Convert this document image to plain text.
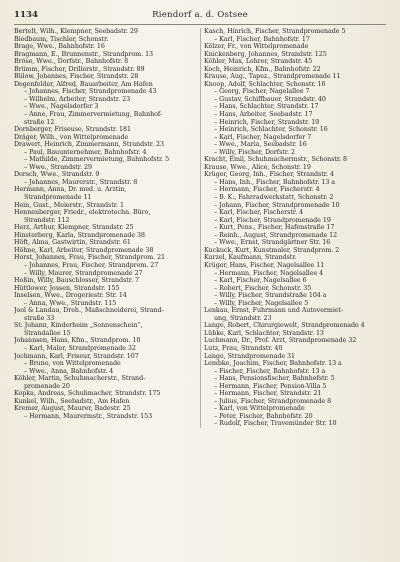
1134	Riendorf a. d. Ostsee
Bertelt, Wilh., Klempner, Seebadstr. 29
Biedbaum, Tischler, Schonstr.
Brage, Wwe., Bahnhofstr. 16
Bragmann, E., Brunnenstr., Strandprom. 13
Bröse, Wwe., Dorfstr., Bahnhofstr. 8
Brümm, Fischer, Drillerstr., Strandstr. 89
Bülow, Johannes, Fischer, Strandstr. 28
Degenfelder, Alfred, Bauarbeiter, Am Hafen
– Johannes, Fischer, Strandpromenade 43
– Wilhelm, Arbeiter, Strandstr. 23
– Wwe., Nagelsdorfer 3
– Anne, Frau, Zimmervermietung, Bahnhof-
straße 12
Dornberger, Friseuse, Strandstr. 181
Dräger, Wilh., von Wittelpromenade
Drawert, Heinrich, Zimmermann, Strandstr. 23
– Paul, Bauunternehmer, Bahnhofstr. 4
– Mathilde, Zimmervermietung, Bahnhofstr. 5
– Wwe., Strandstr. 29
Dorsch, Wwe., Strandstr. 9
– Johannes, Maurerstr., Strandstr. 8
Hermann, Anna, Dr. med. u. Ärztin,
Strandpromenade 11
Hein, Gust., Meierstr., Strandstr. 1
Hennenberger, Friedr., elektrotechn. Büro,
Strandstr. 112
Herz, Arthur, Klempner, Strandstr. 25
Hinsterberg, Karla, Strandpromenade 38
Höft, Alma, Gastwirtin, Strandstr. 61
Höhne, Karl, Arbeiter, Strandpromenade 38
Horst, Johannes, Frau, Fischer, Strandprom. 21
– Johannes, Frau, Fischer, Strandprom. 27
– Willy, Maurer, Strandpromenade 27
Hoßin, Willy, Bauschlosser, Strandstr. 7
Hüttlower, Jossen, Strandstr. 155
Inselsen, Wwe., Drogeriestr. Str. 14
– Anna, Wwe., Strandstr. 115
Jool & Landau, Dreh., Maßschneiderei, Strand-
straße 33
St. Johann, Kinderheim „Sonnenschein“,
Strandallee 15
Johannsen, Hans, Kfm., Strandprom. 10
– Karl, Maler, Strandpromenade 32
Jochmann, Karl, Friseur, Strandstr. 107
– Bruno, von Wittelpromenade
– Wwe., Anna, Bahnhofstr. 4
Köhler, Martin, Schuhmacherstr., Strand-
promenade 20
Kopka, Andreas, Schuhmacher, Strandstr. 175
Kunkel, Wilh., Seebadstr., Am Hafen
Kremer, August, Maurer, Badestr. 25
– Hermann, Maurermstr., Strandstr. 153
Kasch, Hinrich, Fischer, Strandpromenade 5
– Karl, Fischer, Bahnhofstr. 17
Kölzer, Fr., von Wittelpromenade
Knickenberg, Johannes, Strandstr. 125
Köhler, Max, Lehrer, Strandstr. 45
Koch, Heinrich, Kfm., Bahnhofstr. 22
Krause, Aug., Tapez., Strandpromenade 11
Knoop, Adolf, Schlachter, Schonstr. 16
– Georg, Fischer, Nagelallee 7
– Gustav, Schiffbauer, Strandstr. 40
– Hans, Schlachter, Strandstr. 17
– Hans, Arbeiter, Seebadstr. 17
– Heinrich, Fischer, Strandstr. 19
– Heinrich, Schlachter, Schonstr. 16
– Karl, Fischer, Nagelsdorfer 7
– Wwe., Maria, Seebadstr. 16
– Willy, Fischer, Dorfstr. 2
Kracht, Emil, Schuhmachermstr., Schonstr. 8
Krause, Wwe., Alice, Schonstr. 19
Krüger, Georg, Inh., Fischer, Strandstr. 4
– Hans, Inh., Fischer, Bahnhofstr. 13 a
– Hermann, Fischer, Fischerstr. 4
– B. K., Fahrradwerkstatt, Schonstr. 2
– Johann, Fischer, Strandpromenade 10
– Karl, Fischer, Fischerstr. 4
– Karl, Fischer, Strandpromenade 19
– Kurt, Pens., Fischer, Hafenstraße 17
– Reinh., August, Strandpromenade 12
– Wwe., Ernst, Strandgärtner Str. 16
Kuckuck, Kurt, Kunstmaler, Strandprom. 2
Kurzel, Kaufmann, Strandstr.
Krüger, Hans, Fischer, Nagelsallee 11
– Hermann, Fischer, Nagelsallee 4
– Karl, Fischer, Nagelsallee 6
– Robert, Fischer, Schonstr. 35
– Willy, Fischer, Strandstraße 104 a
– Willy, Fischer, Nagelsallee 5
Lenkau, Ernst, Fuhrmann und Autovermiet-
ung, Strandstr. 23
Lange, Robert, Chirurgiewelt, Strandpromenade 4
Lübke, Karl, Schlachter, Strandstr. 13
Luchmann, Dr., Prof. Arzt, Strandpromenade 32
Lutz, Frau, Strandstr. 40
Lange, Strandpromenade 31
Lembke, Joachim, Fischer, Bahnhofstr. 13 a
– Fischer, Fischer, Bahnhofstr. 13 a
– Hans, Pensionsfischer, Bahnhofstr. 5
– Hermann, Fischer, Pension-Villa 5
– Hermann, Fischer, Strandstr. 21
– Julius, Fischer, Strandpromenade 8
– Karl, von Wittelpromenade
– Peter, Fischer, Bahnhofstr. 20
– Rudolf, Fischer, Travemünder Str. 10
